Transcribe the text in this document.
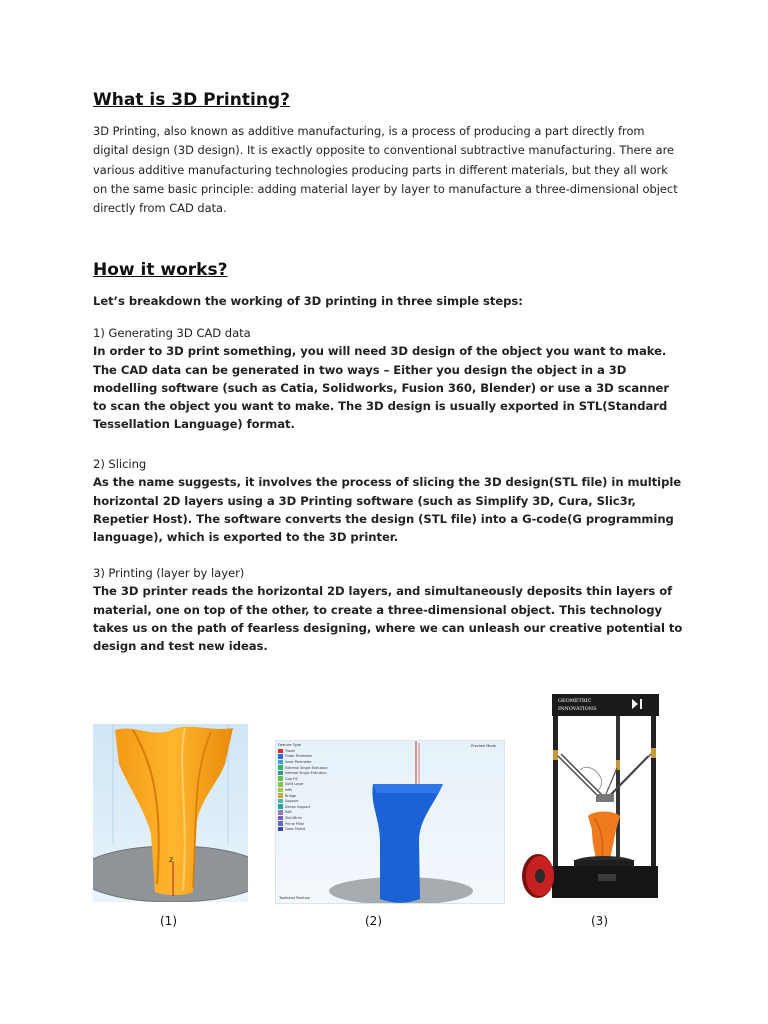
What is 3D Printing?

3D Printing, also known as additive manufacturing, is a process of producing a part directly from digital design (3D design). It is exactly opposite to conventional subtractive manufacturing. There are various additive manufacturing technologies producing parts in different materials, but they all work on the same basic principle: adding material layer by layer to manufacture a three-dimensional object directly from CAD data.

How it works?

Let’s breakdown the working of 3D printing in three simple steps:

1) Generating 3D CAD data
In order to 3D print something, you will need 3D design of the object you want to make. The CAD data can be generated in two ways – Either you design the object in a 3D modelling software (such as Catia, Solidworks, Fusion 360, Blender) or use a 3D scanner to scan the object you want to make. The 3D design is usually exported in STL(Standard Tessellation Language) format.
2) Slicing
As the name suggests, it involves the process of slicing the 3D design(STL file) in multiple horizontal 2D layers using a 3D Printing software (such as Simplify 3D, Cura, Slic3r, Repetier Host). The software converts the design (STL file) into a G-code(G programming language), which is exported to the 3D printer.
3) Printing (layer by layer)
The 3D printer reads the horizontal 2D layers, and simultaneously deposits thin layers of material, one on top of the other, to create a three-dimensional object. This technology takes us on the path of fearless designing, where we can unleash our creative potential to design and test new ideas.
z
Feature Type
Travel
Outer Perimeter
Inner Perimeter
External Single Extrusion
Internal Single Extrusion
Gap Fill
Solid Layer
Infill
Bridge
Support
Dense Support
Raft
Skirt/Brim
Prime Pillar
Ooze Shield
Preview Mode
Toolhead Position
GEOMETRIC
INNOVATIONS
(1)	(2)	(3)
